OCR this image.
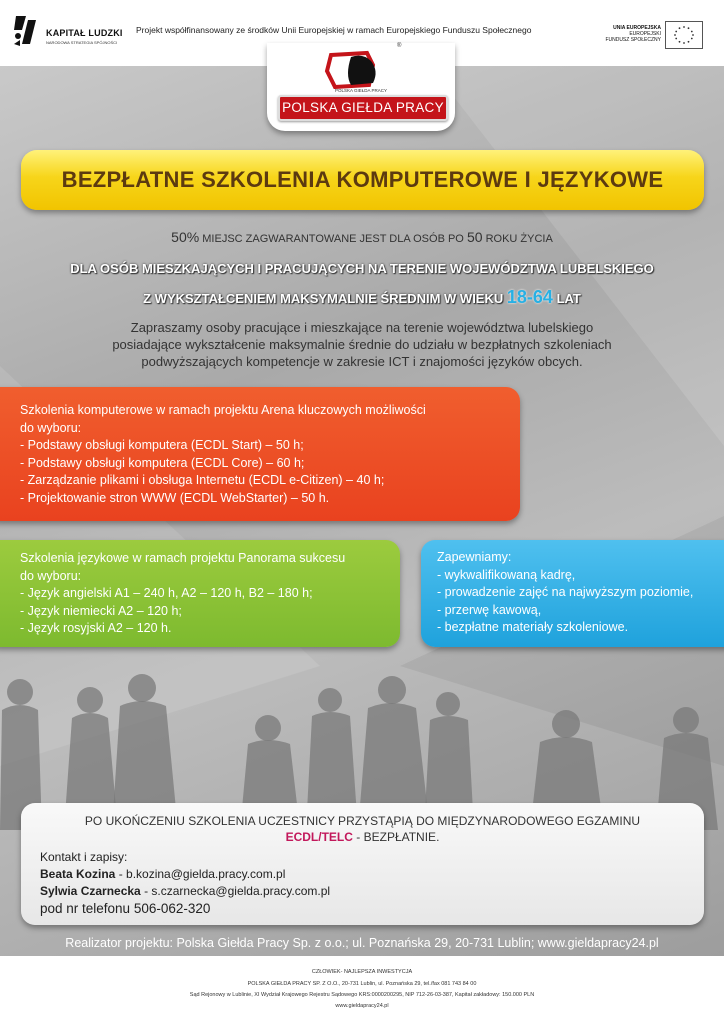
KAPITAŁ LUDZKI
NARODOWA STRATEGIA SPÓJNOŚCI
Projekt współfinansowany ze środków Unii Europejskiej w ramach Europejskiego Funduszu Społecznego	UNIA EUROPEJSKA
EUROPEJSKI
FUNDUSZ SPOŁECZNY
®
POLSKA GIEŁDA PRACY
POLSKA GIEŁDA PRACY
BEZPŁATNE SZKOLENIA KOMPUTEROWE I JĘZYKOWE
50% MIEJSC ZAGWARANTOWANE JEST DLA OSÓB PO 50 ROKU ŻYCIA
DLA OSÓB MIESZKAJĄCYCH I PRACUJĄCYCH NA TERENIE WOJEWÓDZTWA LUBELSKIEGO
Z WYKSZTAŁCENIEM MAKSYMALNIE ŚREDNIM W WIEKU 18-64 LAT
Zapraszamy osoby pracujące i mieszkające na terenie województwa lubelskiego
posiadające wykształcenie maksymalnie średnie do udziału w bezpłatnych szkoleniach
podwyższających kompetencje w zakresie ICT i znajomości języków obcych.
Szkolenia komputerowe w ramach projektu Arena kluczowych możliwości
do wyboru:
- Podstawy obsługi komputera (ECDL Start) – 50 h;
- Podstawy obsługi komputera (ECDL Core) – 60 h;
- Zarządzanie plikami i obsługa Internetu (ECDL e-Citizen) – 40 h;
- Projektowanie stron WWW (ECDL WebStarter) – 50 h.
Szkolenia językowe w ramach projektu Panorama sukcesu
do wyboru:
- Język angielski A1 – 240 h, A2 – 120 h, B2 – 180 h;
- Język niemiecki A2 – 120 h;
- Język rosyjski A2 – 120 h.
Zapewniamy:
- wykwalifikowaną kadrę,
- prowadzenie zajęć na najwyższym poziomie,
- przerwę kawową,
- bezpłatne materiały szkoleniowe.
PO UKOŃCZENIU SZKOLENIA UCZESTNICY PRZYSTĄPIĄ DO MIĘDZYNARODOWEGO EGZAMINU
ECDL/TELC - BEZPŁATNIE.
Kontakt i zapisy:
Beata Kozina - b.kozina@gielda.pracy.com.pl
Sylwia Czarnecka - s.czarnecka@gielda.pracy.com.pl
pod nr telefonu 506-062-320
Realizator projektu: Polska Giełda Pracy Sp. z o.o.; ul. Poznańska 29, 20-731 Lublin; www.gieldapracy24.pl
CZŁOWIEK- NAJLEPSZA INWESTYCJA
POLSKA GIEŁDA PRACY SP. Z O.O., 20-731 Lublin, ul. Poznańska 29, tel./fax 081 743 84 00
Sąd Rejonowy w Lublinie, XI Wydział Krajowego Rejestru Sądowego KRS:0000200295, NIP 712-26-03-387, Kapitał zakładowy: 150.000 PLN
www.gieldapracy24.pl
